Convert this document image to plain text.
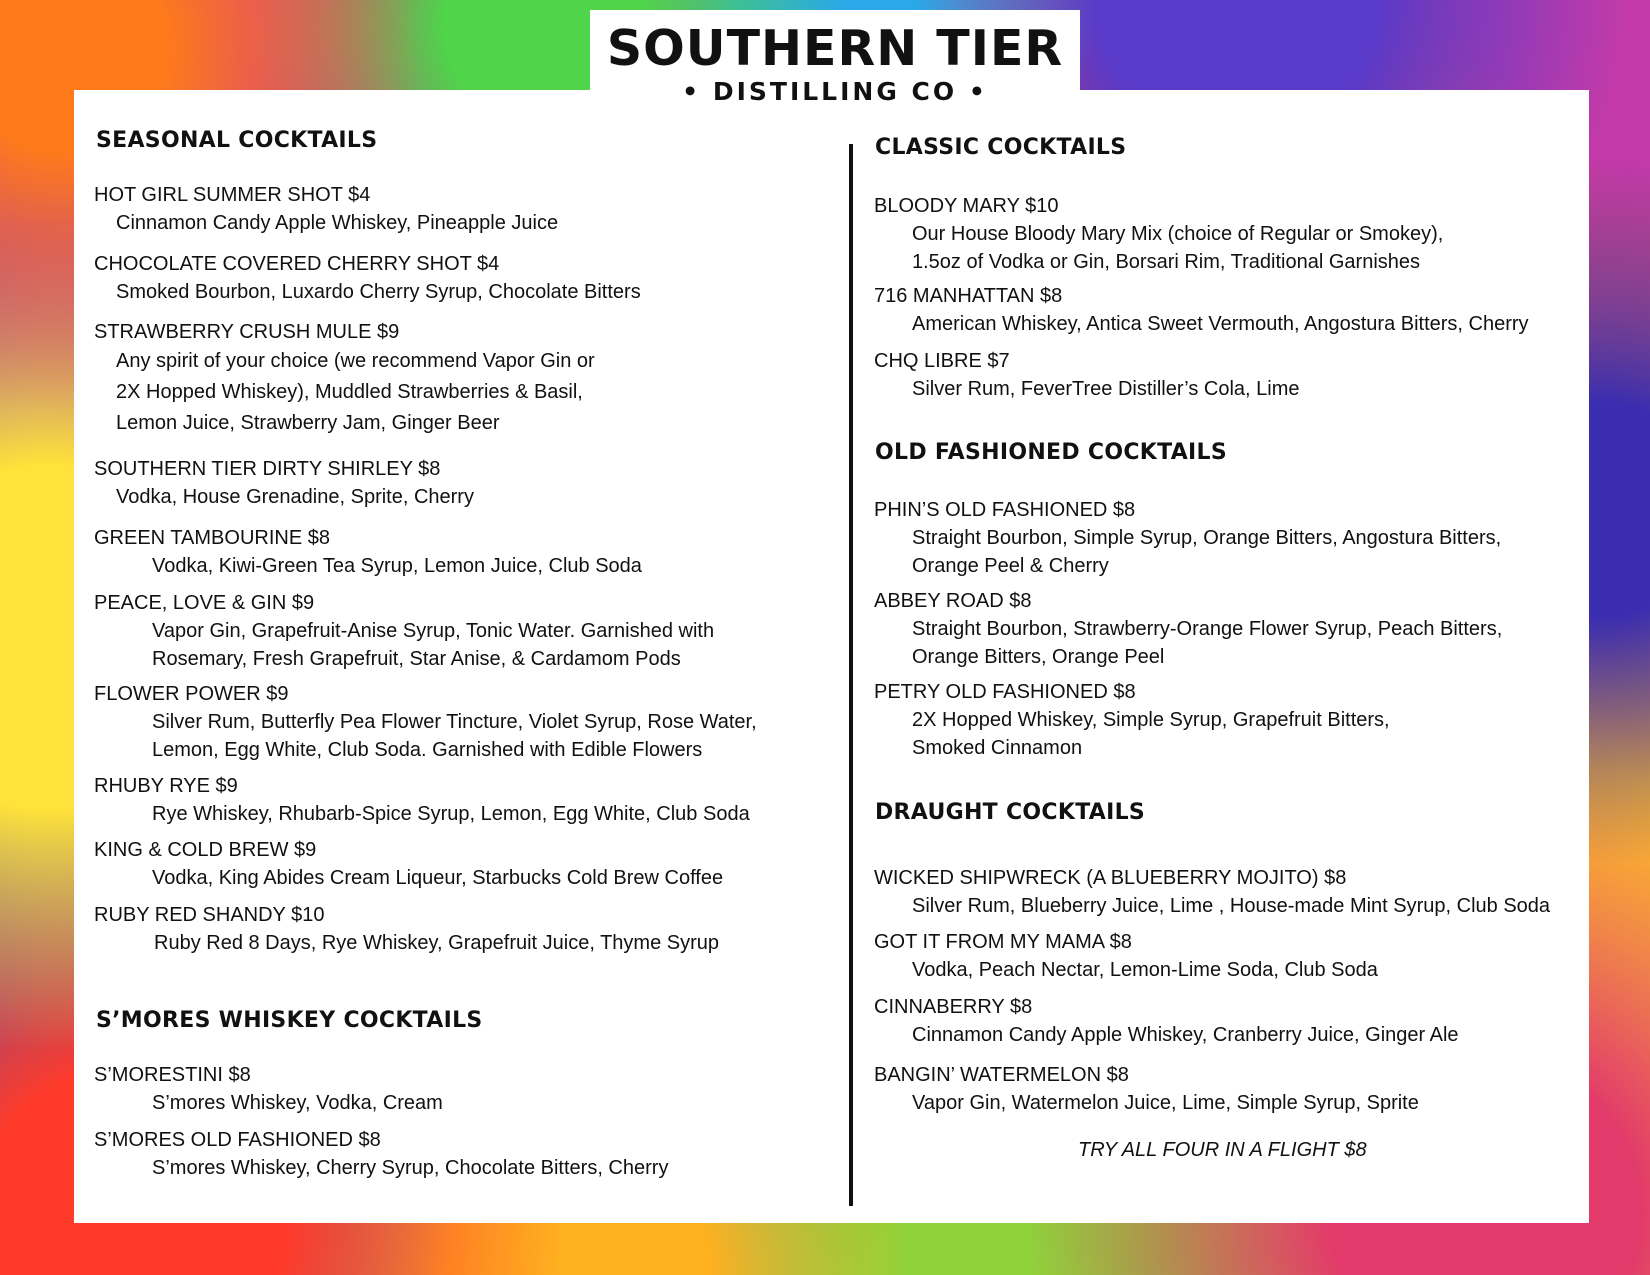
SOUTHERN TIER
• DISTILLING CO •
SEASONAL COCKTAILS
HOT GIRL SUMMER SHOT $4
Cinnamon Candy Apple Whiskey, Pineapple Juice
CHOCOLATE COVERED CHERRY SHOT $4
Smoked Bourbon, Luxardo Cherry Syrup, Chocolate Bitters
STRAWBERRY CRUSH MULE $9
Any spirit of your choice (we recommend Vapor Gin or
2X Hopped Whiskey), Muddled Strawberries & Basil,
Lemon Juice, Strawberry Jam, Ginger Beer
SOUTHERN TIER DIRTY SHIRLEY $8
Vodka, House Grenadine, Sprite, Cherry
GREEN TAMBOURINE $8
Vodka, Kiwi-Green Tea Syrup, Lemon Juice, Club Soda
PEACE, LOVE & GIN $9
Vapor Gin, Grapefruit-Anise Syrup, Tonic Water. Garnished with
Rosemary, Fresh Grapefruit, Star Anise, & Cardamom Pods
FLOWER POWER $9
Silver Rum, Butterfly Pea Flower Tincture, Violet Syrup, Rose Water,
Lemon, Egg White, Club Soda. Garnished with Edible Flowers
RHUBY RYE $9
Rye Whiskey, Rhubarb-Spice Syrup, Lemon, Egg White, Club Soda
KING & COLD BREW $9
Vodka, King Abides Cream Liqueur, Starbucks Cold Brew Coffee
RUBY RED SHANDY $10
Ruby Red 8 Days, Rye Whiskey, Grapefruit Juice, Thyme Syrup
S’MORES WHISKEY COCKTAILS
S’MORESTINI $8
S’mores Whiskey, Vodka, Cream
S’MORES OLD FASHIONED $8
S’mores Whiskey, Cherry Syrup, Chocolate Bitters, Cherry
CLASSIC COCKTAILS
BLOODY MARY $10
Our House Bloody Mary Mix (choice of Regular or Smokey),
1.5oz of Vodka or Gin, Borsari Rim, Traditional Garnishes
716 MANHATTAN $8
American Whiskey, Antica Sweet Vermouth, Angostura Bitters, Cherry
CHQ LIBRE $7
Silver Rum, FeverTree Distiller’s Cola, Lime
OLD FASHIONED COCKTAILS
PHIN’S OLD FASHIONED $8
Straight Bourbon, Simple Syrup, Orange Bitters, Angostura Bitters,
Orange Peel & Cherry
ABBEY ROAD $8
Straight Bourbon, Strawberry-Orange Flower Syrup, Peach Bitters,
Orange Bitters, Orange Peel
PETRY OLD FASHIONED $8
2X Hopped Whiskey, Simple Syrup, Grapefruit Bitters,
Smoked Cinnamon
DRAUGHT COCKTAILS
WICKED SHIPWRECK (A BLUEBERRY MOJITO) $8
Silver Rum, Blueberry Juice, Lime , House-made Mint Syrup, Club Soda
GOT IT FROM MY MAMA $8
Vodka, Peach Nectar, Lemon-Lime Soda, Club Soda
CINNABERRY $8
Cinnamon Candy Apple Whiskey, Cranberry Juice, Ginger Ale
BANGIN’ WATERMELON $8
Vapor Gin, Watermelon Juice, Lime, Simple Syrup, Sprite
TRY ALL FOUR IN A FLIGHT $8
